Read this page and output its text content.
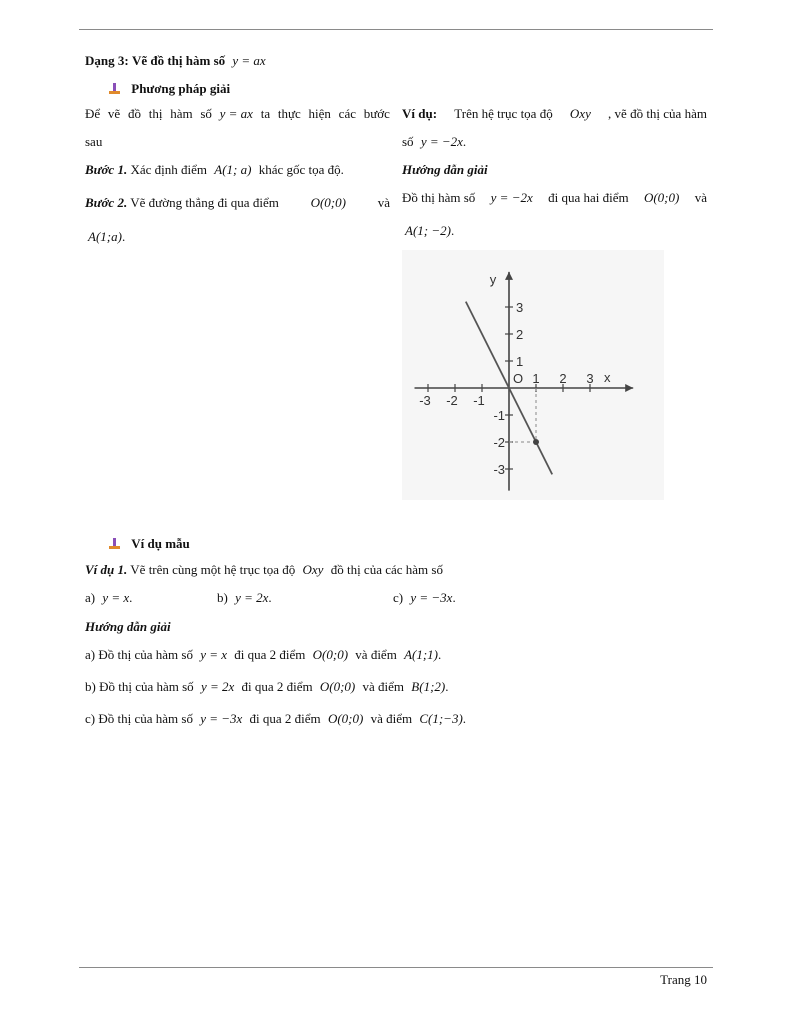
Dạng 3: Vẽ đồ thị hàm số y = ax
Phương pháp giải
Để vẽ đồ thị hàm số y = ax ta thực hiện các bước
sau
Bước 1. Xác định điểm A(1; a) khác gốc tọa độ.
Bước 2. Vẽ đường thẳng đi qua điểm O(0;0) và
A(1;a).
Ví dụ: Trên hệ trục tọa độ Oxy , vẽ đồ thị của hàm
số y = −2x.
Hướng dẫn giải
Đồ thị hàm số y = −2x đi qua hai điểm O(0;0) và
A(1; −2).
-3 -2 -1
1 2 3
-3
-2
-1
1
2
3
x
y
O
Ví dụ mẫu
Ví dụ 1. Vẽ trên cùng một hệ trục tọa độ Oxy đồ thị của các hàm số
a) y = x.	b) y = 2x.	c) y = −3x.
Hướng dẫn giải
a) Đồ thị của hàm số y = x đi qua 2 điểm O(0;0) và điểm A(1;1).
b) Đồ thị của hàm số y = 2x đi qua 2 điểm O(0;0) và điểm B(1;2).
c) Đồ thị của hàm số y = −3x đi qua 2 điểm O(0;0) và điểm C(1;−3).
Trang 10
